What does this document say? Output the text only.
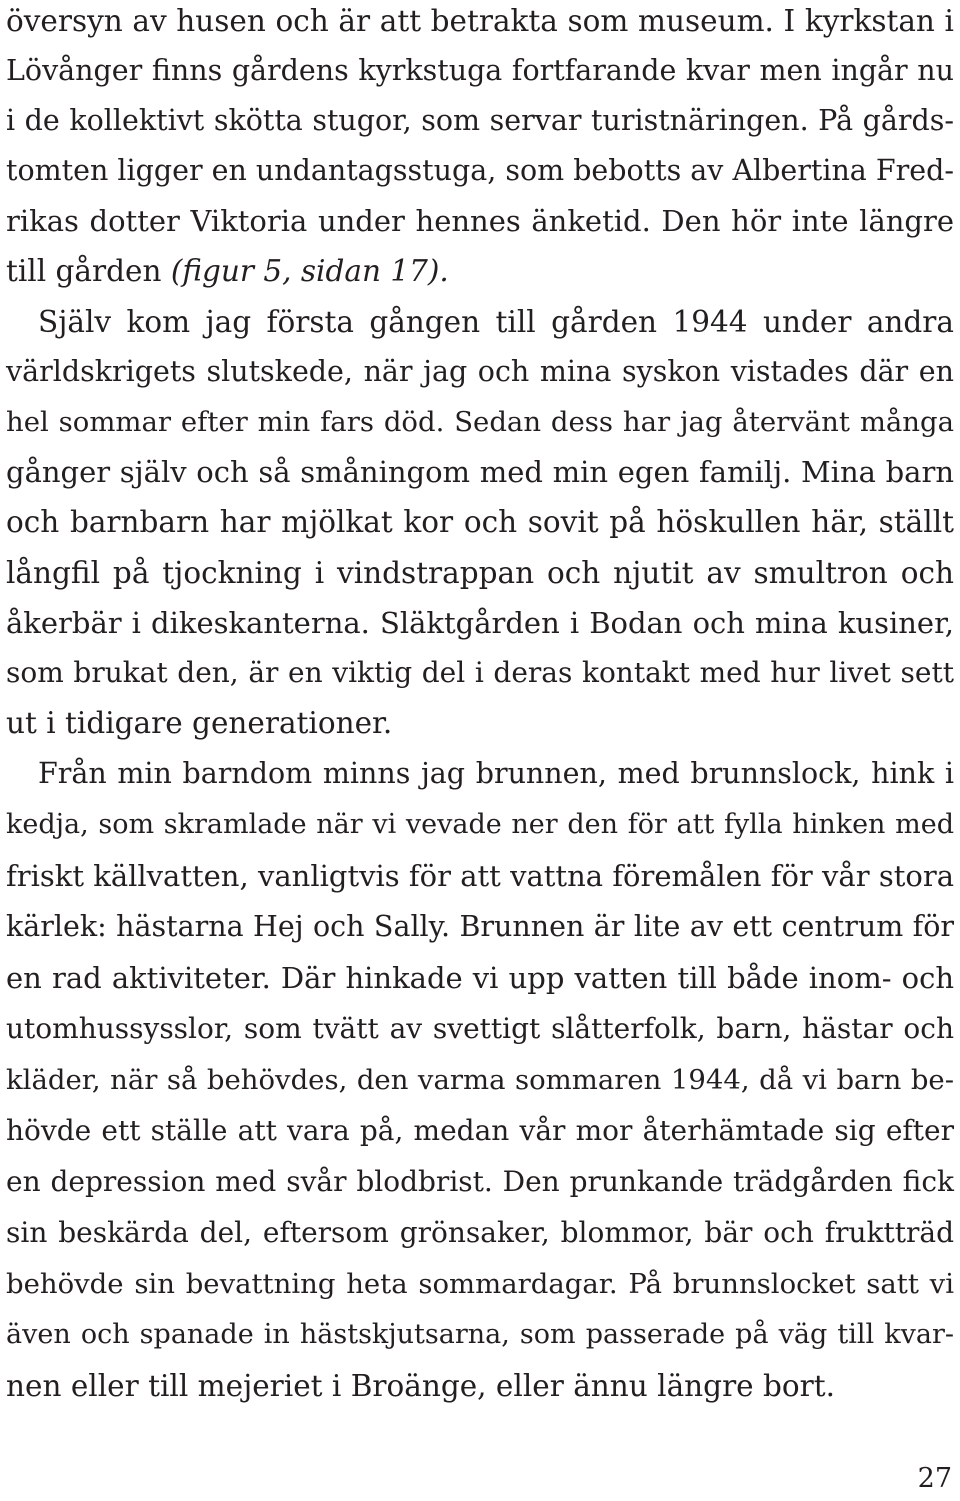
översyn av husen och är att betrakta som museum. I kyrkstan i
Lövånger finns gårdens kyrkstuga fortfarande kvar men ingår nu
i de kollektivt skötta stugor, som servar turistnäringen. På gårds-
tomten ligger en undantagsstuga, som bebotts av Albertina Fred-
rikas dotter Viktoria under hennes änketid. Den hör inte längre
till gården (figur 5, sidan 17).
Själv kom jag första gången till gården 1944 under andra
världskrigets slutskede, när jag och mina syskon vistades där en
hel sommar efter min fars död. Sedan dess har jag återvänt många
gånger själv och så småningom med min egen familj. Mina barn
och barnbarn har mjölkat kor och sovit på höskullen här, ställt
långfil på tjockning i vindstrappan och njutit av smultron och
åkerbär i dikeskanterna. Släktgården i Bodan och mina kusiner,
som brukat den, är en viktig del i deras kontakt med hur livet sett
ut i tidigare generationer.
Från min barndom minns jag brunnen, med brunnslock, hink i
kedja, som skramlade när vi vevade ner den för att fylla hinken med
friskt källvatten, vanligtvis för att vattna föremålen för vår stora
kärlek: hästarna Hej och Sally. Brunnen är lite av ett centrum för
en rad aktiviteter. Där hinkade vi upp vatten till både inom- och
utomhussysslor, som tvätt av svettigt slåtterfolk, barn, hästar och
kläder, när så behövdes, den varma sommaren 1944, då vi barn be-
hövde ett ställe att vara på, medan vår mor återhämtade sig efter
en depression med svår blodbrist. Den prunkande trädgården fick
sin beskärda del, eftersom grönsaker, blommor, bär och fruktträd
behövde sin bevattning heta sommardagar. På brunnslocket satt vi
även och spanade in hästskjutsarna, som passerade på väg till kvar-
nen eller till mejeriet i Broänge, eller ännu längre bort.
27
